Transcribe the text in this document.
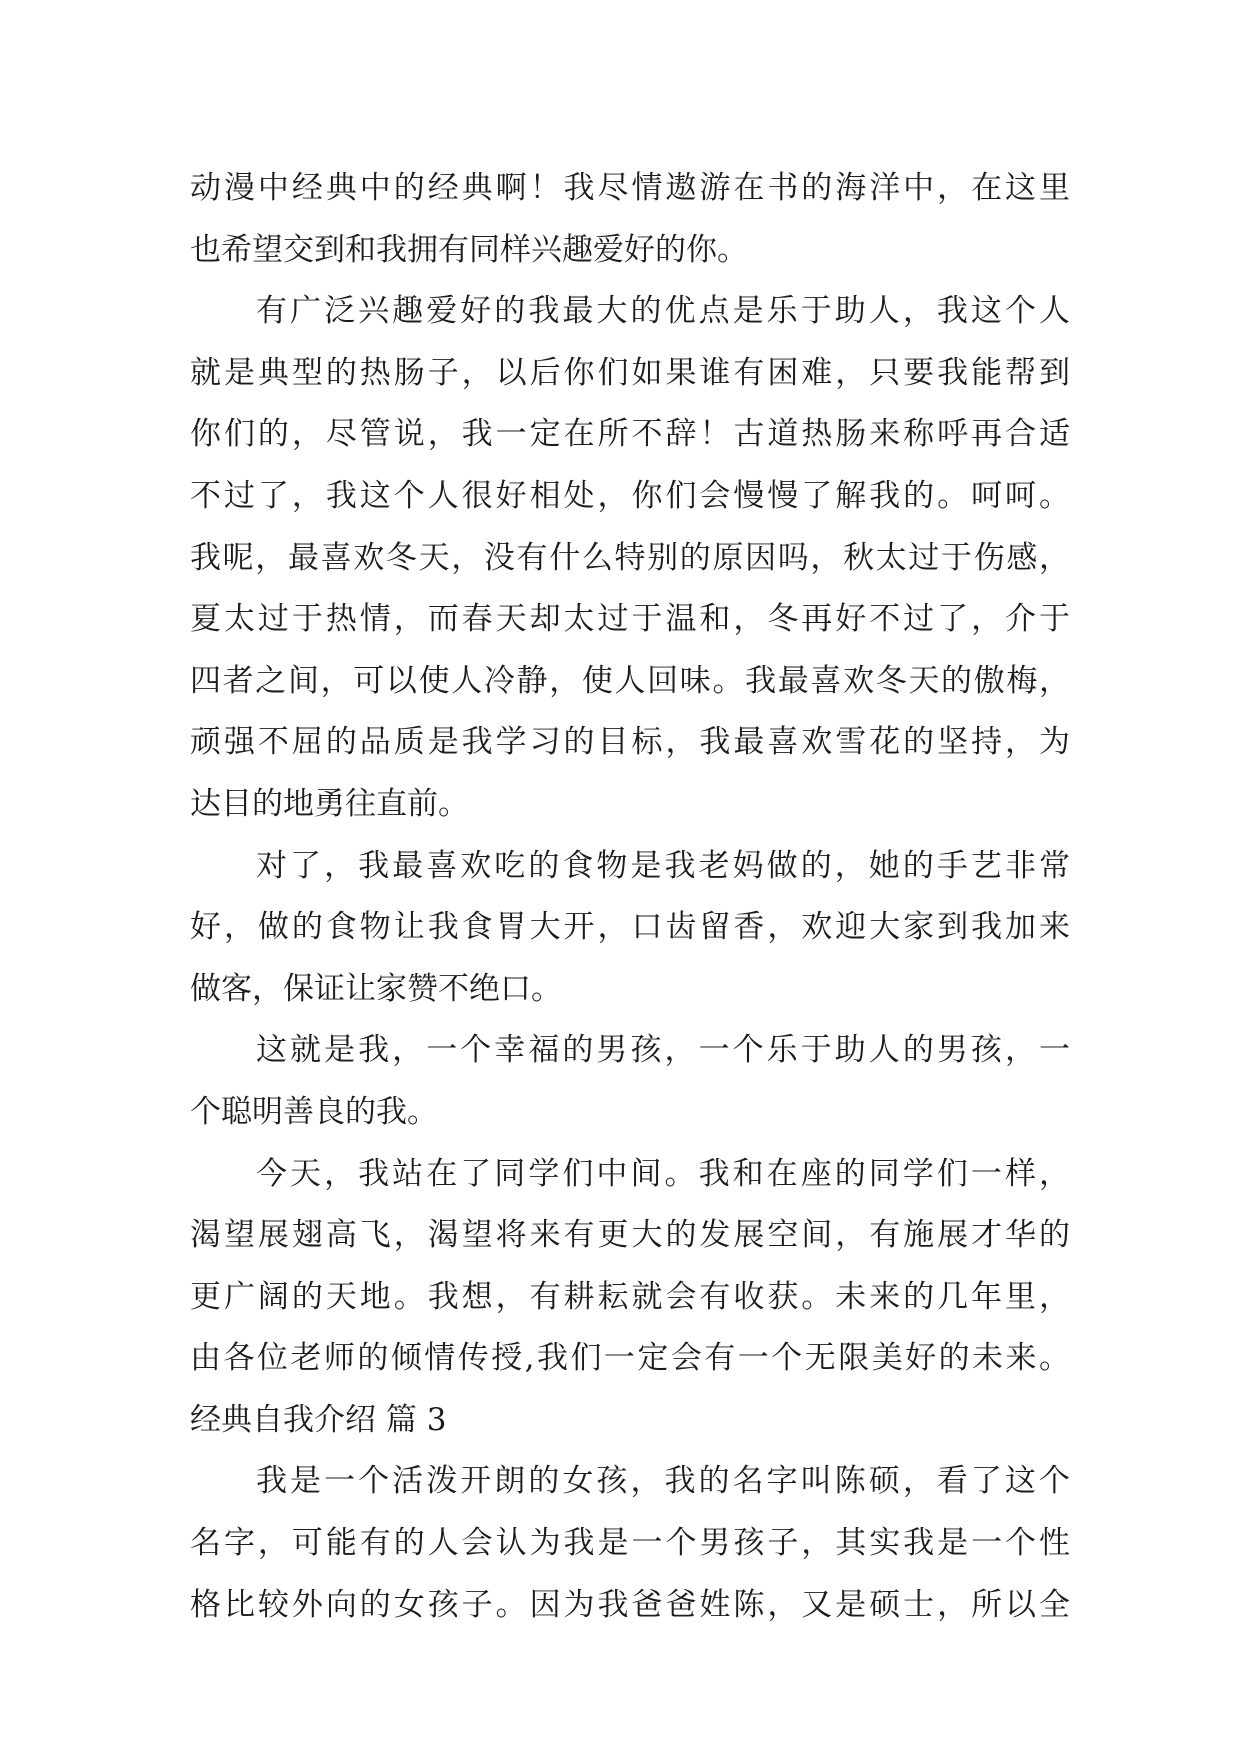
动漫中经典中的经典啊！我尽情遨游在书的海洋中，在这里
也希望交到和我拥有同样兴趣爱好的你。
有广泛兴趣爱好的我最大的优点是乐于助人，我这个人
就是典型的热肠子，以后你们如果谁有困难，只要我能帮到
你们的，尽管说，我一定在所不辞！古道热肠来称呼再合适
不过了，我这个人很好相处，你们会慢慢了解我的。呵呵。
我呢，最喜欢冬天，没有什么特别的原因吗，秋太过于伤感，
夏太过于热情，而春天却太过于温和，冬再好不过了，介于
四者之间，可以使人冷静，使人回味。我最喜欢冬天的傲梅，
顽强不屈的品质是我学习的目标，我最喜欢雪花的坚持，为
达目的地勇往直前。
对了，我最喜欢吃的食物是我老妈做的，她的手艺非常
好，做的食物让我食胃大开，口齿留香，欢迎大家到我加来
做客，保证让家赞不绝口。
这就是我，一个幸福的男孩，一个乐于助人的男孩，一
个聪明善良的我。
今天，我站在了同学们中间。我和在座的同学们一样，
渴望展翅高飞，渴望将来有更大的发展空间，有施展才华的
更广阔的天地。我想，有耕耘就会有收获。未来的几年里，
由各位老师的倾情传授,我们一定会有一个无限美好的未来。
经典自我介绍 篇 3
我是一个活泼开朗的女孩，我的名字叫陈硕，看了这个
名字，可能有的人会认为我是一个男孩子，其实我是一个性
格比较外向的女孩子。因为我爸爸姓陈，又是硕士，所以全
